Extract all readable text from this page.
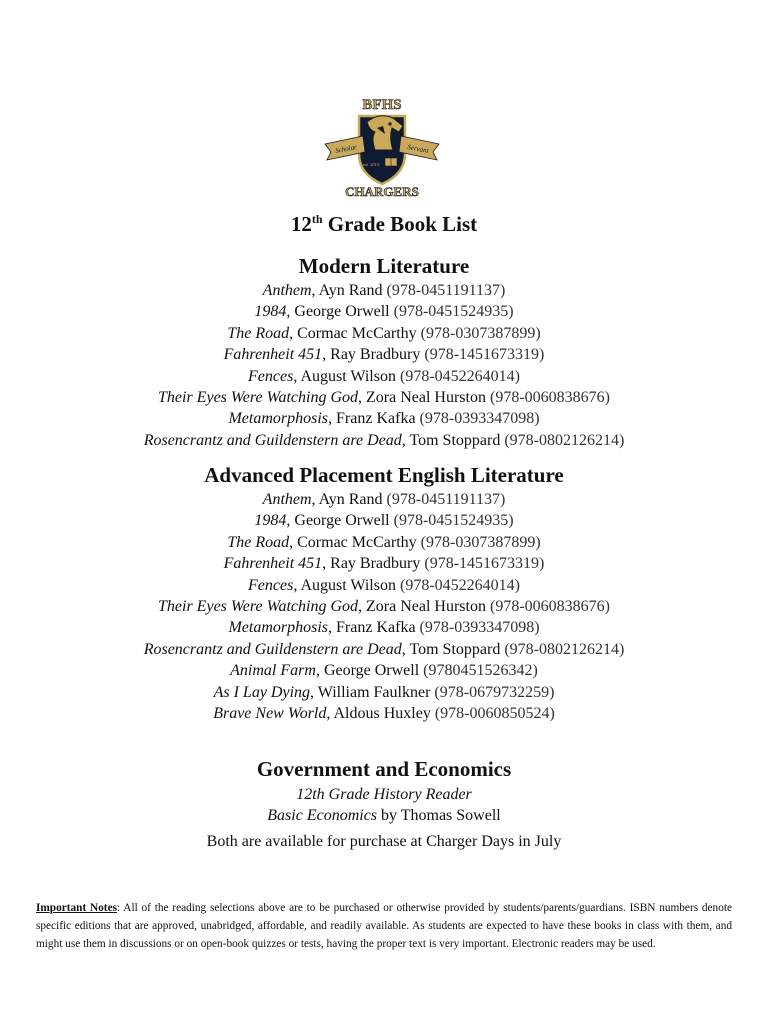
BFHS
est. 2013
Scholar	Servant
CHARGERS
12th Grade Book List
Modern Literature
Anthem, Ayn Rand (978-0451191137)
1984, George Orwell (978-0451524935)
The Road, Cormac McCarthy (978-0307387899)
Fahrenheit 451, Ray Bradbury (978-1451673319)
Fences, August Wilson (978-0452264014)
Their Eyes Were Watching God, Zora Neal Hurston (978-0060838676)
Metamorphosis, Franz Kafka (978-0393347098)
Rosencrantz and Guildenstern are Dead, Tom Stoppard (978-0802126214)
Advanced Placement English Literature
Anthem, Ayn Rand (978-0451191137)
1984, George Orwell (978-0451524935)
The Road, Cormac McCarthy (978-0307387899)
Fahrenheit 451, Ray Bradbury (978-1451673319)
Fences, August Wilson (978-0452264014)
Their Eyes Were Watching God, Zora Neal Hurston (978-0060838676)
Metamorphosis, Franz Kafka (978-0393347098)
Rosencrantz and Guildenstern are Dead, Tom Stoppard (978-0802126214)
Animal Farm, George Orwell (9780451526342)
As I Lay Dying, William Faulkner (978-0679732259)
Brave New World, Aldous Huxley (978-0060850524)
Government and Economics
12th Grade History Reader
Basic Economics by Thomas Sowell
Both are available for purchase at Charger Days in July
Important Notes: All of the reading selections above are to be purchased or otherwise provided by students/parents/guardians. ISBN numbers denote specific editions that are approved, unabridged, affordable, and readily available. As students are expected to have these books in class with them, and might use them in discussions or on open-book quizzes or tests, having the proper text is very important. Electronic readers may be used.
